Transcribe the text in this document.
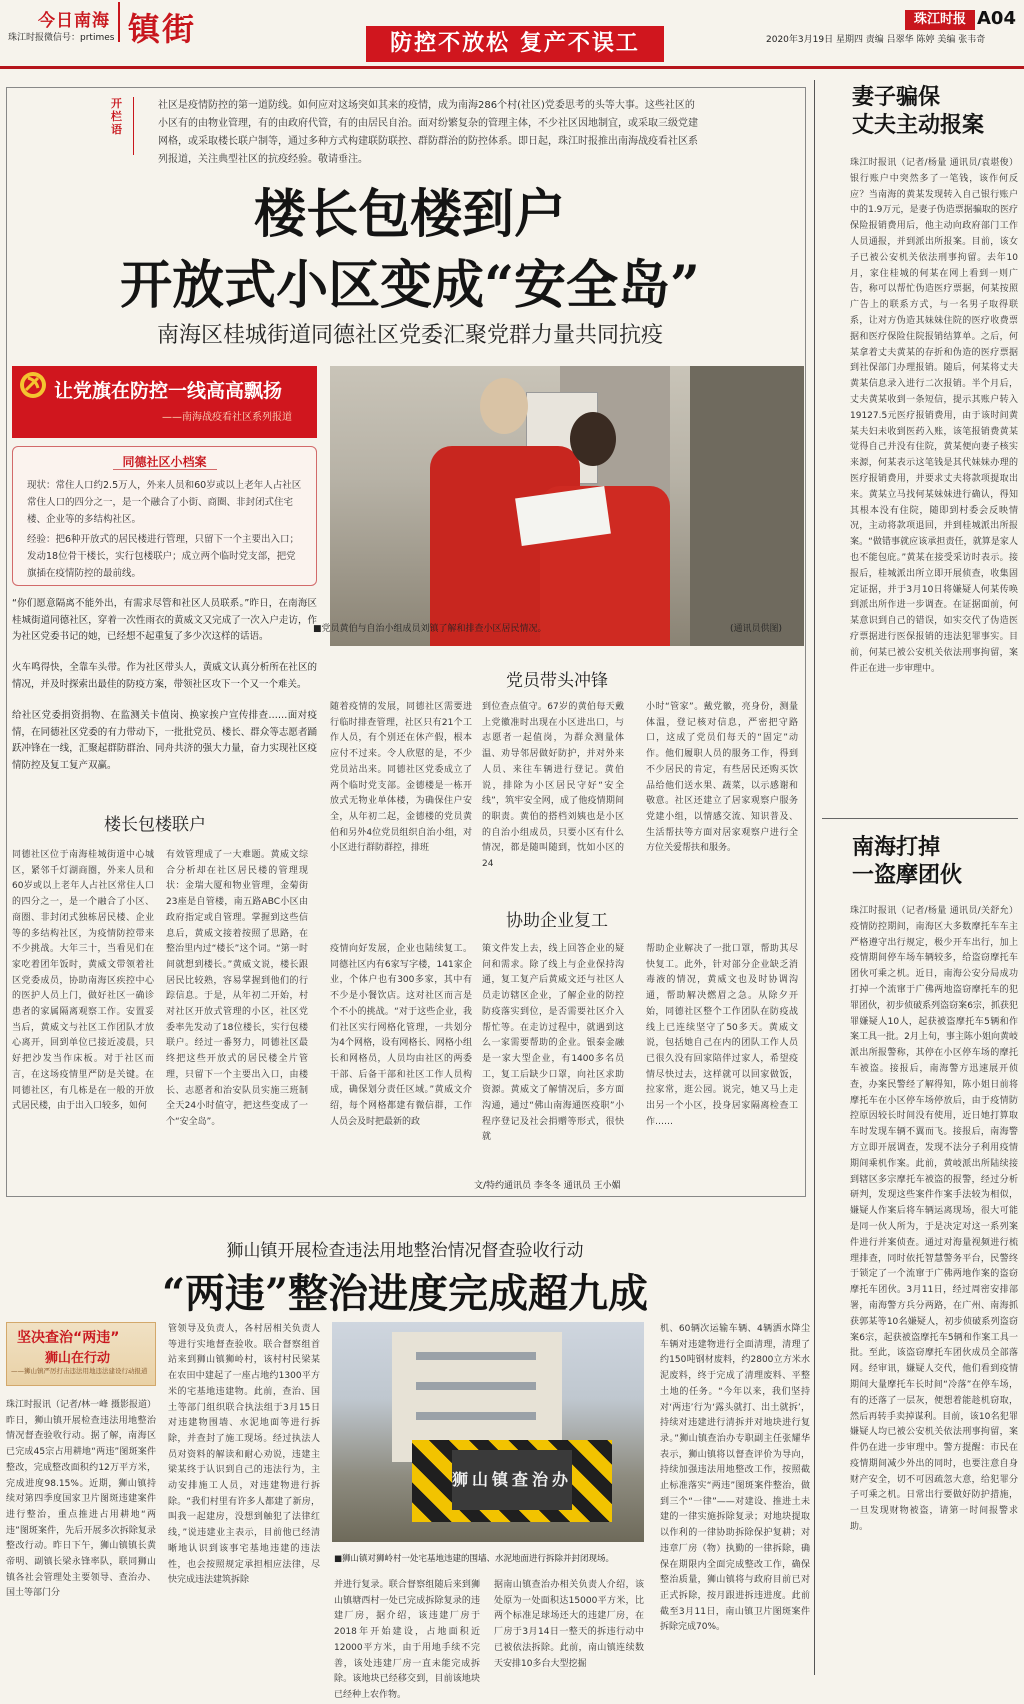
今日南海
珠江时报微信号：prtimes 镇街	防控不放松 复产不误工
珠江时报 A04
2020年3月19日 星期四 责编 吕翠华 陈婷 美编 张韦奇
开栏语
社区是疫情防控的第一道防线。如何应对这场突如其来的疫情，成为南海286个村(社区)党委思考的头等大事。这些社区的小区有的由物业管理，有的由政府代管，有的由居民自治。面对纷繁复杂的管理主体，不少社区因地制宜，或采取三级党建网格，或采取楼长联户制等，通过多种方式构建联防联控、群防群治的防控体系。即日起，珠江时报推出南海战疫看社区系列报道，关注典型社区的抗疫经验。敬请垂注。
楼长包楼到户
开放式小区变成“安全岛”
南海区桂城街道同德社区党委汇聚党群力量共同抗疫
让党旗在防控一线高高飘扬
——南海战疫看社区系列报道
同德社区小档案
现状：常住人口约2.5万人，外来人员和60岁或以上老年人占社区常住人口的四分之一，是一个融合了小街、商圈、非封闭式住宅楼、企业等的多结构社区。
经验：把6种开放式的居民楼进行管理，只留下一个主要出入口；发动18位骨干楼长，实行包楼联户；成立两个临时党支部，把党旗插在疫情防控的最前线。
■党员黄伯与自治小组成员刘镇了解和排查小区居民情况。	(通讯员供图)
“你们愿意隔离不能外出，有需求尽管和社区人员联系。”昨日，在南海区桂城街道同德社区，穿着一次性雨衣的黄威文又完成了一次入户走访，作为社区党委书记的她，已经想不起重复了多少次这样的话语。
火车鸣得快，全靠车头带。作为社区带头人，黄威文认真分析所在社区的情况，并及时探索出最佳的防疫方案，带领社区攻下一个又一个难关。
给社区党委捐资捐物、在监测关卡值岗、换家挨户宣传排查……面对疫情，在同德社区党委的有力带动下，一批批党员、楼长、群众等志愿者踊跃冲锋在一线，汇聚起群防群治、同舟共济的强大力量，奋力实现社区疫情防控及复工复产双赢。
楼长包楼联户
党员带头冲锋
协助企业复工
同德社区位于南海桂城街道中心城区，紧邻千灯湖商圈，外来人员和60岁或以上老年人占社区常住人口的四分之一，是一个融合了小区、商圈、非封闭式独栋居民楼、企业等的多结构社区，为疫情防控带来不少挑战。大年三十，当看见们在家吃着团年饭时，黄威文带领着社区党委成员，协助南海区疾控中心的医护人员上门，做好社区一确诊患者的家属隔离观察工作。安置妥当后，黄威文与社区工作团队才放心离开，回到单位已接近凌晨，只好把沙发当作床板。对于社区而言，在这场疫情里严防是关键。在同德社区，有几栋是在一般的开放式居民楼，由于出入口较多，如何
有效管理成了一大难题。黄威文综合分析却在社区居民楼的管理现状：金瑞大厦和物业管理，金菊街23座是自管楼，南五路ABC小区由政府指定或自管理。掌握到这些信息后，黄威文接着按照了思路，在整治里内过“楼长”这个词。“第一时间就想到楼长。”黄威文说，楼长跟居民比较熟，容易掌握到他们的行踪信息。于是，从年初二开始，村对社区开放式管理的小区，社区党委率先发动了18位楼长，实行包楼联户。经过一番努力，同德社区最终把这些开放式的居民楼全片管理，只留下一个主要出入口，由楼长、志愿者和治安队员实施三班制全天24小时值守，把这些变成了一个“安全岛”。
随着疫情的发展，同德社区需要进行临时排查管理，社区只有21个工作人员，有个别还在休产假，根本应付不过来。令人欣慰的是，不少党员站出来。同德社区党委成立了两个临时党支部。金德楼是一栋开放式无物业单体楼，为确保住户安全，从年初二起，金德楼的党员黄伯和另外4位党员组织自治小组，对小区进行群防群控，排班
到位查点值守。67岁的黄伯每天戴上党徽准时出现在小区进出口，与志愿者一起值岗，为群众测量体温、劝导邻居做好防护，并对外来人员、来往车辆进行登记。黄伯说，排除为小区居民守好“安全线”，筑牢安全网，成了他疫情期间的职责。黄伯的搭档刘姨也是小区的自治小组成员，只要小区有什么情况，都是随叫随到，忱如小区的24
疫情向好发展，企业也陆续复工。同德社区内有6家写字楼，141家企业，个体户也有300多家，其中有不少是小餐饮店。这对社区而言是个不小的挑战。“对于这些企业，我们社区实行网格化管理，一共划分为4个网格，设有网格长、网格小组长和网格员，人员均由社区的两委干部、后备干部和社区工作人员构成，确保划分责任区域。”黄威文介绍，每个网格都建有微信群，工作人员会及时把最新的政
策文件发上去，线上回答企业的疑问和需求。除了线上与企业保持沟通，复工复产后黄威文还与社区人员走访辖区企业，了解企业的防控防疫落实到位，是否需要社区介入帮忙等。在走访过程中，就遇到这么一家需要帮助的企业。银泰金融是一家大型企业，有1400多名员工，复工后缺少口罩，向社区求助资源。黄威文了解情况后，多方面沟通，通过“佛山南海通医疫职”小程序登记及社会捐赠等形式，很快就
小时“管家”。戴党徽，亮身份，测量体温，登记核对信息，严密把守路口，这成了党员们每天的“固定”动作。他们履职人员的服务工作，得到不少居民的肯定，有些居民还购买饮品给他们送水果、蔬菜，以示感谢和敬意。社区还建立了居家观察户服务党建小组，以情感交流、知识普及、生活帮扶等方面对居家观察户进行全方位关爱帮扶和服务。
帮助企业解决了一批口罩，帮助其尽快复工。此外，针对部分企业缺乏消毒液的情况，黄威文也及时协调沟通，帮助解决燃眉之急。从除夕开始，同德社区整个工作团队在防疫战线上已连续坚守了50多天。黄威文说，包括她自己在内的团队工作人员已很久没有回家陪伴过家人，希望疫情尽快过去，这样就可以回家做饭，拉家常，逛公园。说完，她又马上走出另一个小区，投身居家隔离检查工作……
文/特约通讯员 李冬冬 通讯员 王小媚
狮山镇开展检查违法用地整治情况督查验收行动
“两违”整治进度完成超九成
坚决查治“两违”
狮山在行动
——狮山镇严厉打击违法用地违法建设行动报道
珠江时报讯（记者/林一峰 摄影报道）昨日，狮山镇开展检查违法用地整治情况督查验收行动。据了解，南海区已完成45宗占用耕地“两违”图斑案件整改，完成整改面积约12万平方米，完成进度98.15%。近期，狮山镇持续对第四季度国家卫片图斑违建案件进行整治，重点推进占用耕地“两违”图斑案件，先后开展多次拆除复录整改行动。昨日下午，狮山镇镇长黄帝明、副镇长梁永锋率队，联同狮山镇各社会管理处主要领导、查治办、国土等部门分
管领导及负责人，各村居相关负责人等进行实地督查验收。联合督察组首站来到狮山镇狮岭村，该村村民梁某在农田中建起了一座占地约1300平方米的宅基地违建物。此前，查治、国土等部门组织联合执法组于3月15日对违建物围墙、水泥地面等进行拆除，并查封了施工现场。经过执法人员对资料的解读和耐心劝说，违建主梁某终于认识到自己的违法行为，主动安排施工人员，对违建物进行拆除。“我们村里有许多人都建了新房，叫我一起建房，没想到触犯了法律红线，”说违建业主表示，目前他已经清晰地认识到该事宅基地违建的违法性，也会按照规定承担相应法律，尽快完成违法建筑拆除
狮山镇查治办
■狮山镇对狮岭村一处宅基地违建的围墙、水泥地面进行拆除并封闭现场。
并进行复录。联合督察组随后来到狮山镇塘西村一处已完成拆除复录的违建厂房，据介绍，该违建厂房于2018年开始建设，占地面积近12000平方米，由于用地手续不完善，该处违建厂房一直未能完成拆除。该地块已经移交到，目前该地块已经种上农作物。
据南山镇查治办相关负责人介绍，该处原为一处面积达15000平方米，比两个标准足球场还大的违建厂房，在厂房于3月14日一整天的拆违行动中已被依法拆除。此前，南山镇连续数天安排10多台大型挖掘
机、60辆次运输车辆、4辆洒水降尘车辆对违建物进行全面清理，清理了约150吨钢材废料，约2800立方米水泥废料，终于完成了清理废料、平整土地的任务。“今年以来，我们坚持对‘两违’行为‘露头就打、出土就拆’，持续对违建进行清拆并对地块进行复录。”狮山镇查治办专职副主任张耀华表示，狮山镇将以督查评价为导向，持续加强违法用地整改工作，按照截止标准落实“两违”图斑案件整治，做到三个“一律”——对建设、推进土未建的一律实施拆除复录；对地块提取以作利的一律协助拆除保护复耕；对违章厂房（物）执勤的一律拆除，确保在期限内全面完成整改工作，确保整治质量，狮山镇将与政府目前已对正式拆除，按月跟进拆违进度。此前截至3月11日，南山镇卫片图斑案件拆除完成70%。
妻子骗保
丈夫主动报案
珠江时报讯（记者/杨量 通讯员/袁堪俊）银行账户中突然多了一笔钱，该作何反应？当南海的黄某发现转入自己银行账户中的1.9万元，是妻子伪造票据骗取的医疗保险报销费用后，他主动向政府部门工作人员通报，并到派出所报案。目前，该女子已被公安机关依法刑事拘留。去年10月，家住桂城的何某在网上看到一则广告，称可以帮忙伪造医疗票据，何某按照广告上的联系方式，与一名男子取得联系，让对方伪造其妹妹住院的医疗收费票据和医疗保险住院报销结算单。之后，何某拿着丈夫黄某的存折和伪造的医疗票据到社保部门办理报销。随后，何某将丈夫黄某信息录入进行二次报销。半个月后，丈夫黄某收到一条短信，提示其账户转入19127.5元医疗报销费用，由于该时间黄某夫妇未收到医药入账，该笔报销费黄某觉得自己并没有住院，黄某便向妻子核实来源，何某表示这笔钱是其代妹妹办理的医疗报销费用，并要求丈夫将款项提取出来。黄某立马找何某妹妹进行确认，得知其根本没有住院，随即到村委会反映情况，主动将款项退回，并到桂城派出所报案。“做错事就应该承担责任，就算是家人也不能包庇。”黄某在接受采访时表示。接报后，桂城派出所立即开展侦查，收集固定证据，并于3月10日将嫌疑人何某传唤到派出所作进一步调查。在证据面前，何某意识到自己的错误，如实交代了伪造医疗票据进行医保报销的违法犯罪事实。目前，何某已被公安机关依法刑事拘留，案件正在进一步审理中。
南海打掉
一盗摩团伙
珠江时报讯（记者/杨量 通讯员/关舒允）疫情防控期间，南海区大多数摩托车车主严格遵守出行规定，极少开车出行，加上疫情期间停车场车辆较多，给盗窃摩托车团伙可乘之机。近日，南海公安分局成功打掉一个流窜于广佛两地盗窃摩托车的犯罪团伙，初步侦破系列盗窃案6宗，抓获犯罪嫌疑人10人，起获被盗摩托车5辆和作案工具一批。2月上旬，事主陈小姐向黄岐派出所报警称，其停在小区停车场的摩托车被盗。接报后，南海警方迅速展开侦查，办案民警经了解得知，陈小姐日前将摩托车在小区停车场停放后，由于疫情防控原因较长时间没有使用，近日她打算取车时发现车辆不翼而飞。接报后，南海警方立即开展调查，发现不法分子利用疫情期间乘机作案。此前，黄岐派出所陆续接到辖区多宗摩托车被盗的报警，经过分析研判，发现这些案件作案手法较为相似，嫌疑人作案后将车辆运离现场，很大可能是同一伙人所为，于是决定对这一系列案件进行并案侦查。通过对海量视频进行梳理排查，同时依托智慧警务平台，民警终于锁定了一个流窜于广佛两地作案的盗窃摩托车团伙。3月11日，经过周密安排部署，南海警方兵分两路，在广州、南海抓获郭某等10名嫌疑人，初步侦破系列盗窃案6宗，起获被盗摩托车5辆和作案工具一批。至此，该盗窃摩托车团伙成员全部落网。经审讯，嫌疑人交代，他们看到疫情期间大量摩托车长时间“冷落”在停车场，有的还落了一层灰，便想着能趁机窃取，然后再转手卖掉谋利。目前，该10名犯罪嫌疑人均已被公安机关依法刑事拘留，案件仍在进一步审理中。警方提醒：市民在疫情期间减少外出的同时，也要注意自身财产安全，切不可因疏忽大意，给犯罪分子可乘之机。日常出行要做好防护措施，一旦发现财物被盗，请第一时间报警求助。
